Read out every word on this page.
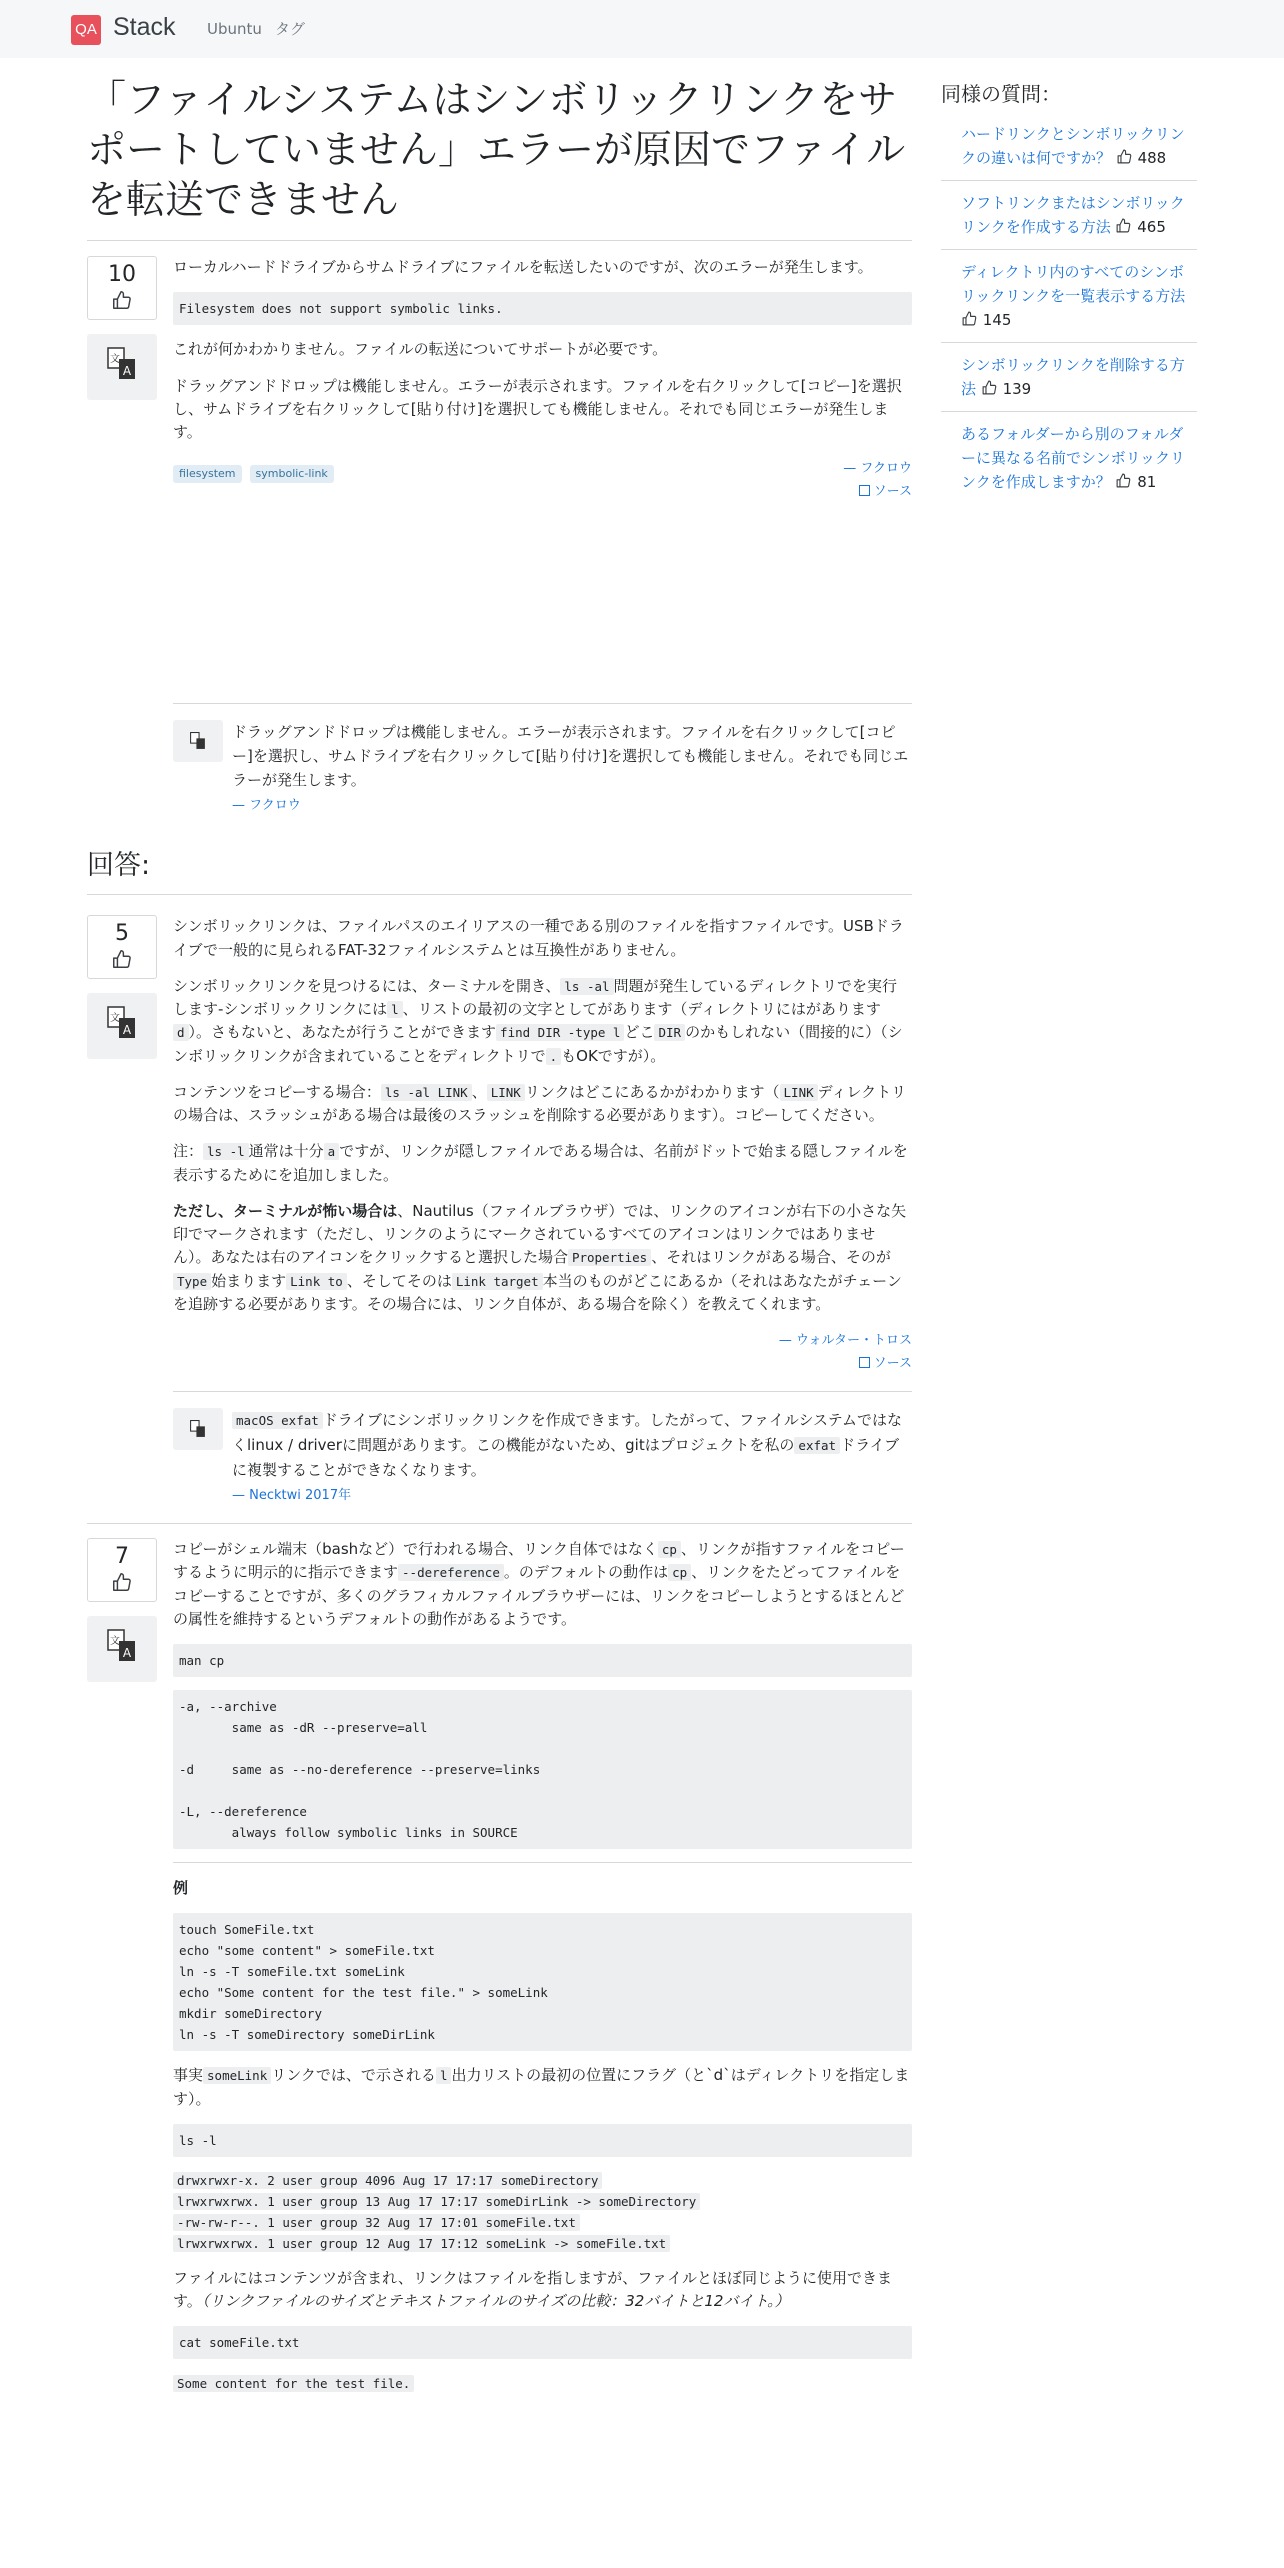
QA Stack Ubuntu タグ
「ファイルシステムはシンボリックリンクをサポートしていません」エラーが原因でファイルを転送できません
10
A
文

ローカルハードドライブからサムドライブにファイルを転送したいのですが、次のエラーが発生します。

Filesystem does not support symbolic links.

これが何かわかりません。ファイルの転送についてサポートが必要です。

ドラッグアンドドロップは機能しません。エラーが表示されます。ファイルを右クリックして[コピー]を選択し、サムドライブを右クリックして[貼り付け]を選択しても機能しません。それでも同じエラーが発生します。

filesystem	symbolic-link	— フクロウ
ソース
ドラッグアンドドロップは機能しません。エラーが表示されます。ファイルを右クリックして[コピー]を選択し、サムドライブを右クリックして[貼り付け]を選択しても機能しません。それでも同じエラーが発生します。
— フクロウ
回答:
5
A
文

シンボリックリンクは、ファイルパスのエイリアスの一種である別のファイルを指すファイルです。USBドライブで一般的に見られるFAT-32ファイルシステムとは互換性がありません。

シンボリックリンクを見つけるには、ターミナルを開き、 ls -al 問題が発生しているディレクトリでを実行します-シンボリックリンクには l 、リストの最初の文字としてがあります（ディレクトリにはがありますd ）。さもないと、あなたが行うことができます find DIR -type l どこ DIR のかもしれない（間接的に）（シンボリックリンクが含まれていることをディレクトリで . もOKですが）。

コンテンツをコピーする場合： ls -al LINK 、 LINK リンクはどこにあるかがわかります（ LINK ディレクトリの場合は、スラッシュがある場合は最後のスラッシュを削除する必要があります）。コピーしてください。

注： ls -l 通常は十分 a ですが、リンクが隠しファイルである場合は、名前がドットで始まる隠しファイルを表示するためにを追加しました。

ただし、ターミナルが怖い場合は、Nautilus（ファイルブラウザ）では、リンクのアイコンが右下の小さな矢印でマークされます（ただし、リンクのようにマークされているすべてのアイコンはリンクではありません）。あなたは右のアイコンをクリックすると選択した場合 Properties 、それはリンクがある場合、そのがType 始まります Link to 、そしてそのは Link target 本当のものがどこにあるか（それはあなたがチェーンを追跡する必要があります。その場合には、リンク自体が、ある場合を除く）を教えてくれます。

— ウォルター・トロス
ソース
macOS exfat ドライブにシンボリックリンクを作成できます。したがって、ファイルシステムではなくlinux / driverに問題があります。この機能がないため、gitはプロジェクトを私の exfat ドライブに複製することができなくなります。
— Necktwi 2017年
7
A
文

コピーがシェル端末（bashなど）で行われる場合、リンク自体ではなく cp 、リンクが指すファイルをコピーするように明示的に指示できます --dereference 。のデフォルトの動作は cp 、リンクをたどってファイルをコピーすることですが、多くのグラフィカルファイルブラウザーには、リンクをコピーしようとするほとんどの属性を維持するというデフォルトの動作があるようです。

man cp
-a, --archive
same as -dR --preserve=all

-d     same as --no-dereference --preserve=links

-L, --dereference
always follow symbolic links in SOURCE

例

touch SomeFile.txt
echo "some content" > someFile.txt
ln -s -T someFile.txt someLink
echo "Some content for the test file." > someLink
mkdir someDirectory
ln -s -T someDirectory someDirLink

事実 someLink リンクでは、で示される l 出力リストの最初の位置にフラグ（と`d`はディレクトリを指定します）。

ls -l
drwxrwxr-x. 2 user group 4096 Aug 17 17:17 someDirectory
lrwxrwxrwx. 1 user group 13 Aug 17 17:17 someDirLink -> someDirectory
-rw-rw-r--. 1 user group 32 Aug 17 17:01 someFile.txt
lrwxrwxrwx. 1 user group 12 Aug 17 17:12 someLink -> someFile.txt

ファイルにはコンテンツが含まれ、リンクはファイルを指しますが、ファイルとほぼ同じように使用できます。（リンクファイルのサイズとテキストファイルのサイズの比較：32バイトと12バイト。）

cat someFile.txt

Some content for the test file.

同様の質問：
ハードリンクとシンボリックリンクの違いは何ですか？ 488
ソフトリンクまたはシンボリックリンクを作成する方法 465
ディレクトリ内のすべてのシンボリックリンクを一覧表示する方法  145
シンボリックリンクを削除する方法 139
あるフォルダーから別のフォルダーに異なる名前でシンボリックリンクを作成しますか？ 81
